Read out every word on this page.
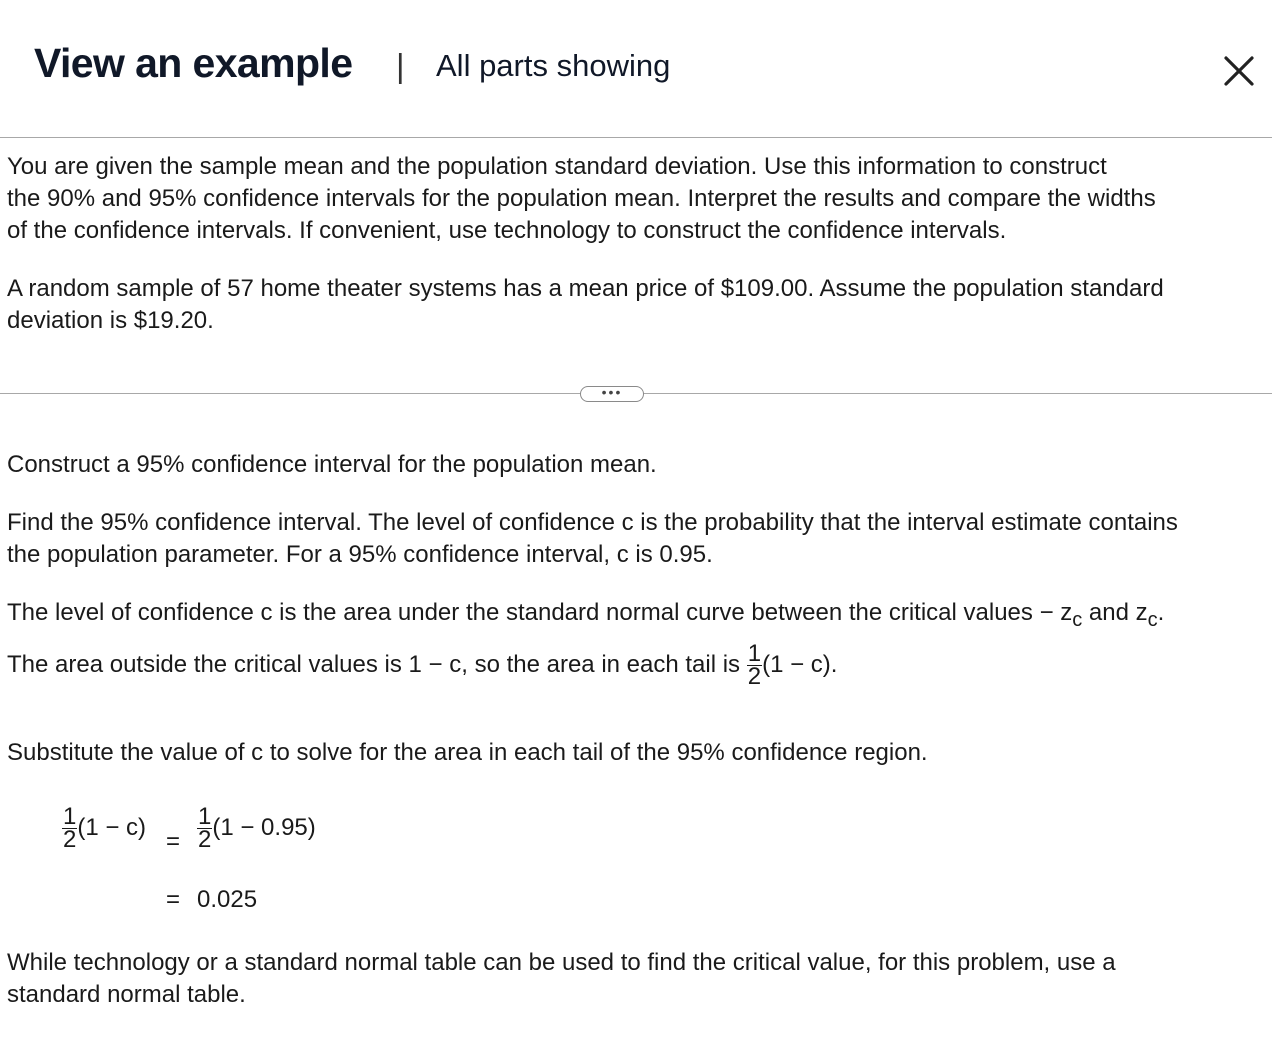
View an example | All parts showing
You are given the sample mean and the population standard deviation. Use this information to construct
the 90% and 95% confidence intervals for the population mean. Interpret the results and compare the widths
of the confidence intervals. If convenient, use technology to construct the confidence intervals.
A random sample of 57 home theater systems has a mean price of $109.00. Assume the population standard
deviation is $19.20.
•••
Construct a 95% confidence interval for the population mean.
Find the 95% confidence interval. The level of confidence c is the probability that the interval estimate contains
the population parameter. For a 95% confidence interval, c is 0.95.
The level of confidence c is the area under the standard normal curve between the critical values − $z_c$ and $z_c$.
The area outside the critical values is 1 − c, so the area in each tail is $\frac{1}{2} (1 - c)$.
Substitute the value of c to solve for the area in each tail of the 95% confidence region.
$\frac{1}{2} (1 - c)$
= $\frac{1}{2} (1 - 0.95)$
= 0.025
While technology or a standard normal table can be used to find the critical value, for this problem, use a
standard normal table.
